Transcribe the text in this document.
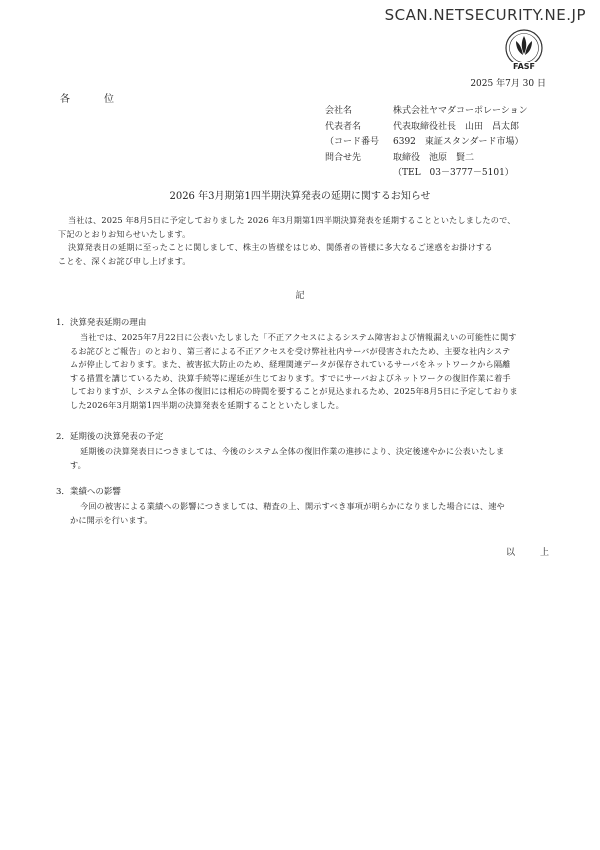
SCAN.NETSECURITY.NE.JP
FASF
2025 年7月 30 日
各　位
会社名	株式会社ヤマダコーポレーション
代表者名	代表取締役社長　山田　昌太郎
（コード番号	6392　東証スタンダード市場）
問合せ先	取締役　池原　賢二
（TEL　03－3777－5101）
2026 年3月期第1四半期決算発表の延期に関するお知らせ
当社は、2025 年8月5日に予定しておりました 2026 年3月期第1四半期決算発表を延期することといたしましたので、
下記のとおりお知らせいたします。
決算発表日の延期に至ったことに関しまして、株主の皆様をはじめ、関係者の皆様に多大なるご迷惑をお掛けする
ことを、深くお詫び申し上げます。
記
1．決算発表延期の理由
当社では、2025年7月22日に公表いたしました「不正アクセスによるシステム障害および情報漏えいの可能性に関す
るお詫びとご報告」のとおり、第三者による不正アクセスを受け弊社社内サーバが侵害されたため、主要な社内システ
ムが停止しております。また、被害拡大防止のため、経理関連データが保存されているサーバをネットワークから隔離
する措置を講じているため、決算手続等に遅延が生じております。すでにサーバおよびネットワークの復旧作業に着手
しておりますが、システム全体の復旧には相応の時間を要することが見込まれるため、2025年8月5日に予定しておりま
した2026年3月期第1四半期の決算発表を延期することといたしました。
2．延期後の決算発表の予定
延期後の決算発表日につきましては、今後のシステム全体の復旧作業の進捗により、決定後速やかに公表いたしま
す。
3．業績への影響
今回の被害による業績への影響につきましては、精査の上、開示すべき事項が明らかになりました場合には、速や
かに開示を行います。
以　上
